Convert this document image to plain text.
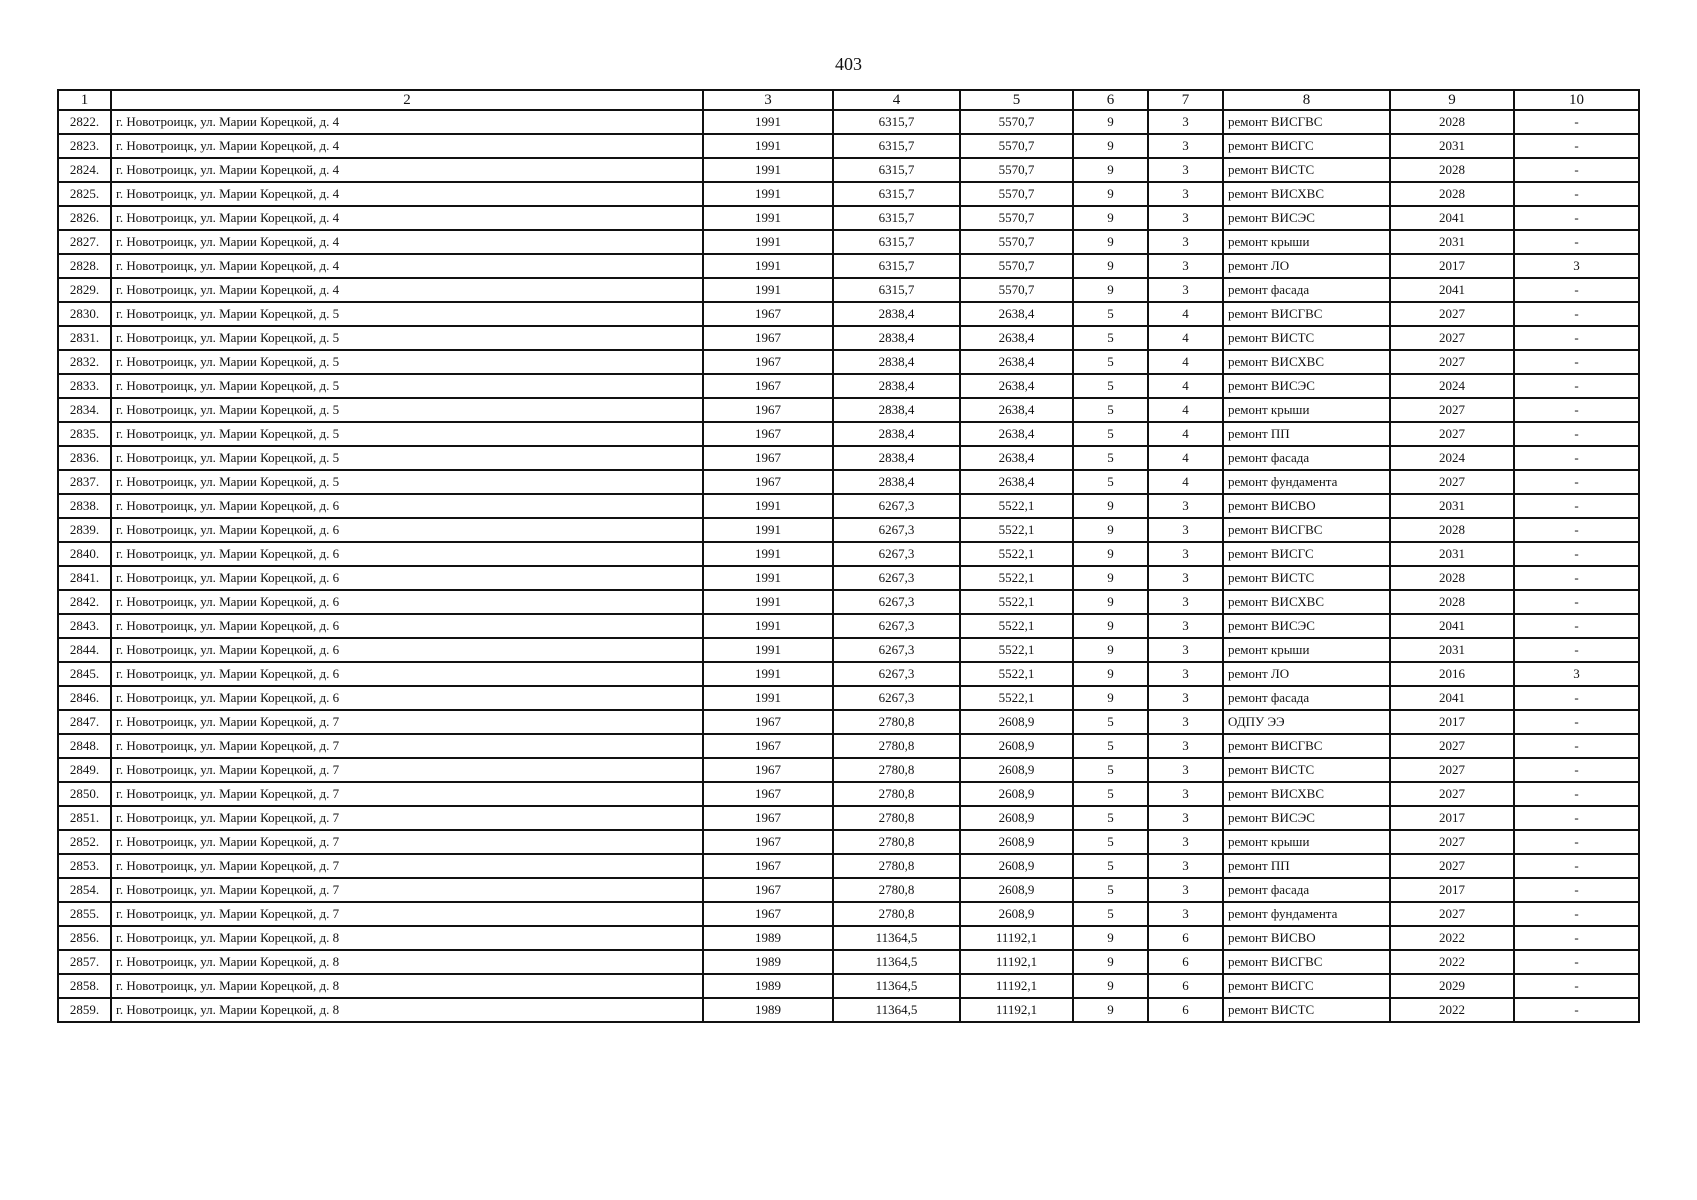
403
1	2	3	4	5	6	7	8	9	10
2822.	г. Новотроицк, ул. Марии Корецкой, д. 4	1991	6315,7	5570,7	9	3	ремонт ВИСГВС	2028	-
2823.	г. Новотроицк, ул. Марии Корецкой, д. 4	1991	6315,7	5570,7	9	3	ремонт ВИСГС	2031	-
2824.	г. Новотроицк, ул. Марии Корецкой, д. 4	1991	6315,7	5570,7	9	3	ремонт ВИСТС	2028	-
2825.	г. Новотроицк, ул. Марии Корецкой, д. 4	1991	6315,7	5570,7	9	3	ремонт ВИСХВС	2028	-
2826.	г. Новотроицк, ул. Марии Корецкой, д. 4	1991	6315,7	5570,7	9	3	ремонт ВИСЭС	2041	-
2827.	г. Новотроицк, ул. Марии Корецкой, д. 4	1991	6315,7	5570,7	9	3	ремонт крыши	2031	-
2828.	г. Новотроицк, ул. Марии Корецкой, д. 4	1991	6315,7	5570,7	9	3	ремонт ЛО	2017	3
2829.	г. Новотроицк, ул. Марии Корецкой, д. 4	1991	6315,7	5570,7	9	3	ремонт фасада	2041	-
2830.	г. Новотроицк, ул. Марии Корецкой, д. 5	1967	2838,4	2638,4	5	4	ремонт ВИСГВС	2027	-
2831.	г. Новотроицк, ул. Марии Корецкой, д. 5	1967	2838,4	2638,4	5	4	ремонт ВИСТС	2027	-
2832.	г. Новотроицк, ул. Марии Корецкой, д. 5	1967	2838,4	2638,4	5	4	ремонт ВИСХВС	2027	-
2833.	г. Новотроицк, ул. Марии Корецкой, д. 5	1967	2838,4	2638,4	5	4	ремонт ВИСЭС	2024	-
2834.	г. Новотроицк, ул. Марии Корецкой, д. 5	1967	2838,4	2638,4	5	4	ремонт крыши	2027	-
2835.	г. Новотроицк, ул. Марии Корецкой, д. 5	1967	2838,4	2638,4	5	4	ремонт ПП	2027	-
2836.	г. Новотроицк, ул. Марии Корецкой, д. 5	1967	2838,4	2638,4	5	4	ремонт фасада	2024	-
2837.	г. Новотроицк, ул. Марии Корецкой, д. 5	1967	2838,4	2638,4	5	4	ремонт фундамента	2027	-
2838.	г. Новотроицк, ул. Марии Корецкой, д. 6	1991	6267,3	5522,1	9	3	ремонт ВИСВО	2031	-
2839.	г. Новотроицк, ул. Марии Корецкой, д. 6	1991	6267,3	5522,1	9	3	ремонт ВИСГВС	2028	-
2840.	г. Новотроицк, ул. Марии Корецкой, д. 6	1991	6267,3	5522,1	9	3	ремонт ВИСГС	2031	-
2841.	г. Новотроицк, ул. Марии Корецкой, д. 6	1991	6267,3	5522,1	9	3	ремонт ВИСТС	2028	-
2842.	г. Новотроицк, ул. Марии Корецкой, д. 6	1991	6267,3	5522,1	9	3	ремонт ВИСХВС	2028	-
2843.	г. Новотроицк, ул. Марии Корецкой, д. 6	1991	6267,3	5522,1	9	3	ремонт ВИСЭС	2041	-
2844.	г. Новотроицк, ул. Марии Корецкой, д. 6	1991	6267,3	5522,1	9	3	ремонт крыши	2031	-
2845.	г. Новотроицк, ул. Марии Корецкой, д. 6	1991	6267,3	5522,1	9	3	ремонт ЛО	2016	3
2846.	г. Новотроицк, ул. Марии Корецкой, д. 6	1991	6267,3	5522,1	9	3	ремонт фасада	2041	-
2847.	г. Новотроицк, ул. Марии Корецкой, д. 7	1967	2780,8	2608,9	5	3	ОДПУ ЭЭ	2017	-
2848.	г. Новотроицк, ул. Марии Корецкой, д. 7	1967	2780,8	2608,9	5	3	ремонт ВИСГВС	2027	-
2849.	г. Новотроицк, ул. Марии Корецкой, д. 7	1967	2780,8	2608,9	5	3	ремонт ВИСТС	2027	-
2850.	г. Новотроицк, ул. Марии Корецкой, д. 7	1967	2780,8	2608,9	5	3	ремонт ВИСХВС	2027	-
2851.	г. Новотроицк, ул. Марии Корецкой, д. 7	1967	2780,8	2608,9	5	3	ремонт ВИСЭС	2017	-
2852.	г. Новотроицк, ул. Марии Корецкой, д. 7	1967	2780,8	2608,9	5	3	ремонт крыши	2027	-
2853.	г. Новотроицк, ул. Марии Корецкой, д. 7	1967	2780,8	2608,9	5	3	ремонт ПП	2027	-
2854.	г. Новотроицк, ул. Марии Корецкой, д. 7	1967	2780,8	2608,9	5	3	ремонт фасада	2017	-
2855.	г. Новотроицк, ул. Марии Корецкой, д. 7	1967	2780,8	2608,9	5	3	ремонт фундамента	2027	-
2856.	г. Новотроицк, ул. Марии Корецкой, д. 8	1989	11364,5	11192,1	9	6	ремонт ВИСВО	2022	-
2857.	г. Новотроицк, ул. Марии Корецкой, д. 8	1989	11364,5	11192,1	9	6	ремонт ВИСГВС	2022	-
2858.	г. Новотроицк, ул. Марии Корецкой, д. 8	1989	11364,5	11192,1	9	6	ремонт ВИСГС	2029	-
2859.	г. Новотроицк, ул. Марии Корецкой, д. 8	1989	11364,5	11192,1	9	6	ремонт ВИСТС	2022	-
